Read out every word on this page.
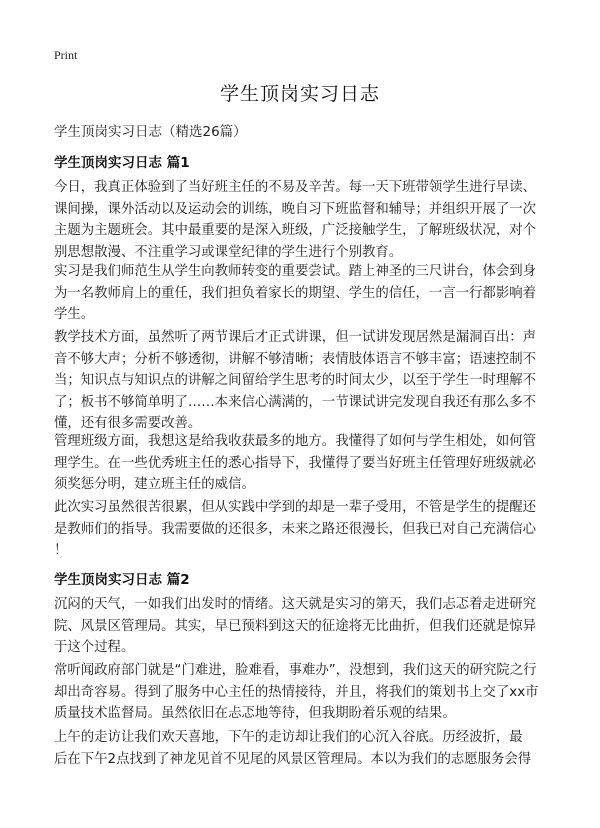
Print
学生顶岗实习日志

学生顶岗实习日志（精选26篇）

学生顶岗实习日志 篇1

今日，我真正体验到了当好班主任的不易及辛苦。每一天下班带领学生进行早读、
课间操，课外活动以及运动会的训练，晚自习下班监督和辅导；并组织开展了一次
主题为主题班会。其中最重要的是深入班级，广泛接触学生，了解班级状况，对个
别思想散漫、不注重学习或课堂纪律的学生进行个别教育。

实习是我们师范生从学生向教师转变的重要尝试。踏上神圣的三尺讲台，体会到身
为一名教师肩上的重任，我们担负着家长的期望、学生的信任，一言一行都影响着
学生。

教学技术方面，虽然听了两节课后才正式讲课，但一试讲发现居然是漏洞百出：声
音不够大声；分析不够透彻，讲解不够清晰；表情肢体语言不够丰富；语速控制不
当；知识点与知识点的讲解之间留给学生思考的时间太少，以至于学生一时理解不
了；板书不够简单明了……本来信心满满的，一节课试讲完发现自我还有那么多不
懂，还有很多需要改善。

管理班级方面，我想这是给我收获最多的地方。我懂得了如何与学生相处，如何管
理学生。在一些优秀班主任的悉心指导下，我懂得了要当好班主任管理好班级就必
须奖惩分明，建立班主任的威信。

此次实习虽然很苦很累，但从实践中学到的却是一辈子受用，不管是学生的提醒还
是教师们的指导。我需要做的还很多，未来之路还很漫长，但我已对自己充满信心
！

学生顶岗实习日志 篇2

沉闷的天气，一如我们出发时的情绪。这天就是实习的第天，我们忐忑着走进研究
院、风景区管理局。其实，早已预料到这天的征途将无比曲折，但我们还就是惊异
于这个过程。

常听闻政府部门就是“门难进，脸难看，事难办”，没想到，我们这天的研究院之行
却出奇容易。得到了服务中心主任的热情接待，并且，将我们的策划书上交了xx市
质量技术监督局。虽然依旧在忐忑地等待，但我期盼着乐观的结果。

上午的走访让我们欢天喜地，下午的走访却让我们的心沉入谷底。历经波折，最
后在下午2点找到了神龙见首不见尾的风景区管理局。本以为我们的志愿服务会得
